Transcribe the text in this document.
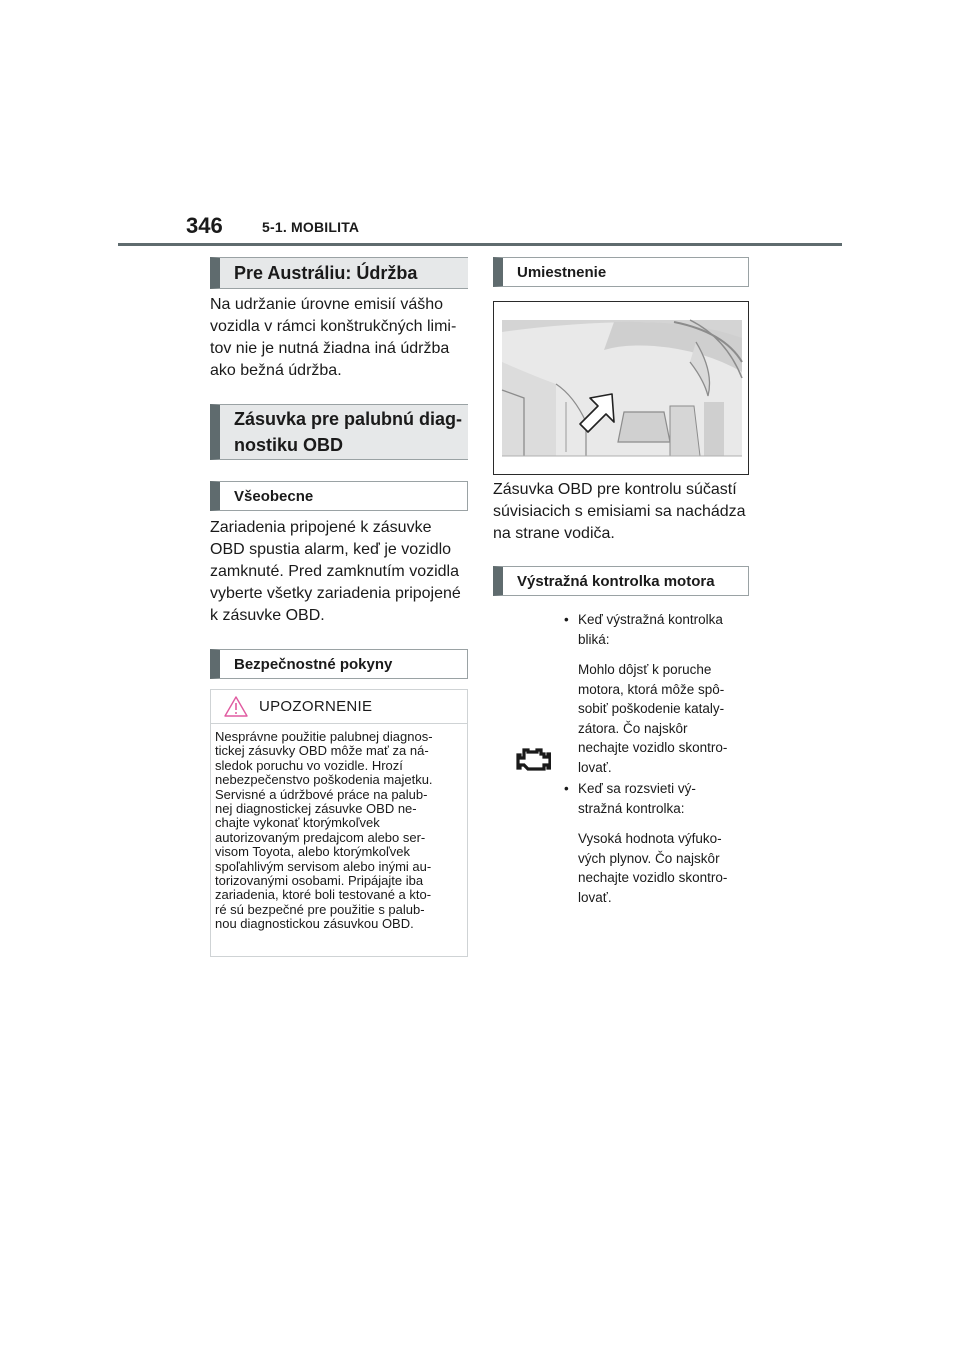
346	5-1. MOBILITA
Pre Austráliu: Údržba
Na udržanie úrovne emisií vášho
vozidla v rámci konštrukčných limi-
tov nie je nutná žiadna iná údržba
ako bežná údržba.
Zásuvka pre palubnú diag-
nostiku OBD
Všeobecne
Zariadenia pripojené k zásuvke
OBD spustia alarm, keď je vozidlo
zamknuté. Pred zamknutím vozidla
vyberte všetky zariadenia pripojené
k zásuvke OBD.
Bezpečnostné pokyny
UPOZORNENIE
Nesprávne použitie palubnej diagnos-
tickej zásuvky OBD môže mať za ná-
sledok poruchu vo vozidle. Hrozí
nebezpečenstvo poškodenia majetku.
Servisné a údržbové práce na palub-
nej diagnostickej zásuvke OBD ne-
chajte vykonať ktorýmkoľvek
autorizovaným predajcom alebo ser-
visom Toyota, alebo ktorýmkoľvek
spoľahlivým servisom alebo inými au-
torizovanými osobami. Pripájajte iba
zariadenia, ktoré boli testované a kto-
ré sú bezpečné pre použitie s palub-
nou diagnostickou zásuvkou OBD.
Umiestnenie
Zásuvka OBD pre kontrolu súčastí
súvisiacich s emisiami sa nachádza
na strane vodiča.
Výstražná kontrolka motora
• Keď výstražná kontrolka
bliká:
Mohlo dôjsť k poruche
motora, ktorá môže spô-
sobiť poškodenie kataly-
zátora. Čo najskôr
nechajte vozidlo skontro-
lovať.
• Keď sa rozsvieti vý-
stražná kontrolka:
Vysoká hodnota výfuko-
vých plynov. Čo najskôr
nechajte vozidlo skontro-
lovať.
